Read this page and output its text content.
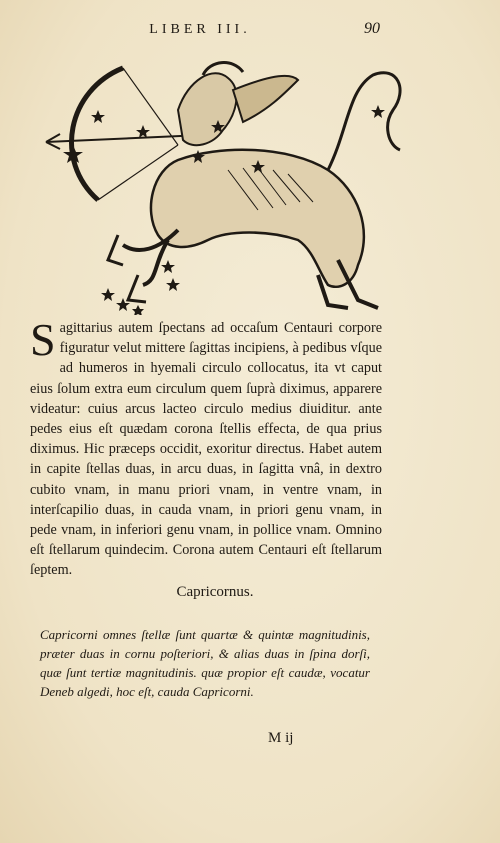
LIBER III.	90
S agittarius autem ſpectans ad occaſum Centauri corpore figuratur velut mittere ſagittas incipiens, à pedibus vſque ad humeros in hyemali circulo collocatus, ita vt caput eius ſolum extra eum circulum quem ſuprà diximus, apparere videatur: cuius arcus lacteo circulo medius diuiditur. ante pedes eius eſt quædam corona ſtellis effecta, de qua prius diximus. Hic præceps occidit, exoritur directus. Habet autem in capite ſtellas duas, in arcu duas, in ſagitta vnâ, in dextro cubito vnam, in manu priori vnam, in ventre vnam, in interſcapilio duas, in cauda vnam, in priori genu vnam, in pede vnam, in inferiori genu vnam, in pollice vnam. Omnino eſt ſtellarum quindecim. Corona autem Centauri eſt ſtellarum ſeptem.
Capricornus.
Capricorni omnes ſtellæ ſunt quartæ & quintæ magnitudinis, præter duas in cornu poſteriori, & alias duas in ſpina dorſi, quæ ſunt tertiæ magnitudinis. quæ propior eſt caudæ, vocatur Deneb algedi, hoc eſt, cauda Capricorni.
M ij
